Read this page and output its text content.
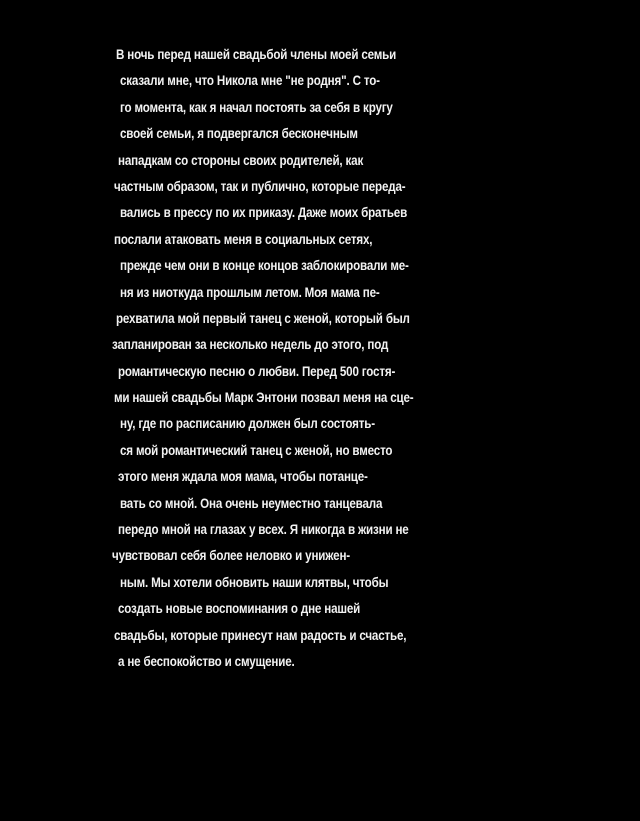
В ночь перед нашей свадьбой члены моей семьи
сказали мне, что Никола мне "не родня". С то-
го момента, как я начал постоять за себя в кругу
своей семьи, я подвергался бесконечным
нападкам со стороны своих родителей, как
частным образом, так и публично, которые переда-
вались в прессу по их приказу. Даже моих братьев
послали атаковать меня в социальных сетях,
прежде чем они в конце концов заблокировали ме-
ня из ниоткуда прошлым летом. Моя мама пе-
рехватила мой первый танец с женой, который был
запланирован за несколько недель до этого, под
романтическую песню о любви. Перед 500 гостя-
ми нашей свадьбы Марк Энтони позвал меня на сце-
ну, где по расписанию должен был состоять-
ся мой романтический танец с женой, но вместо
этого меня ждала моя мама, чтобы потанце-
вать со мной. Она очень неуместно танцевала
передо мной на глазах у всех. Я никогда в жизни не
чувствовал себя более неловко и унижен-
ным. Мы хотели обновить наши клятвы, чтобы
создать новые воспоминания о дне нашей
свадьбы, которые принесут нам радость и счастье,
а не беспокойство и смущение.
